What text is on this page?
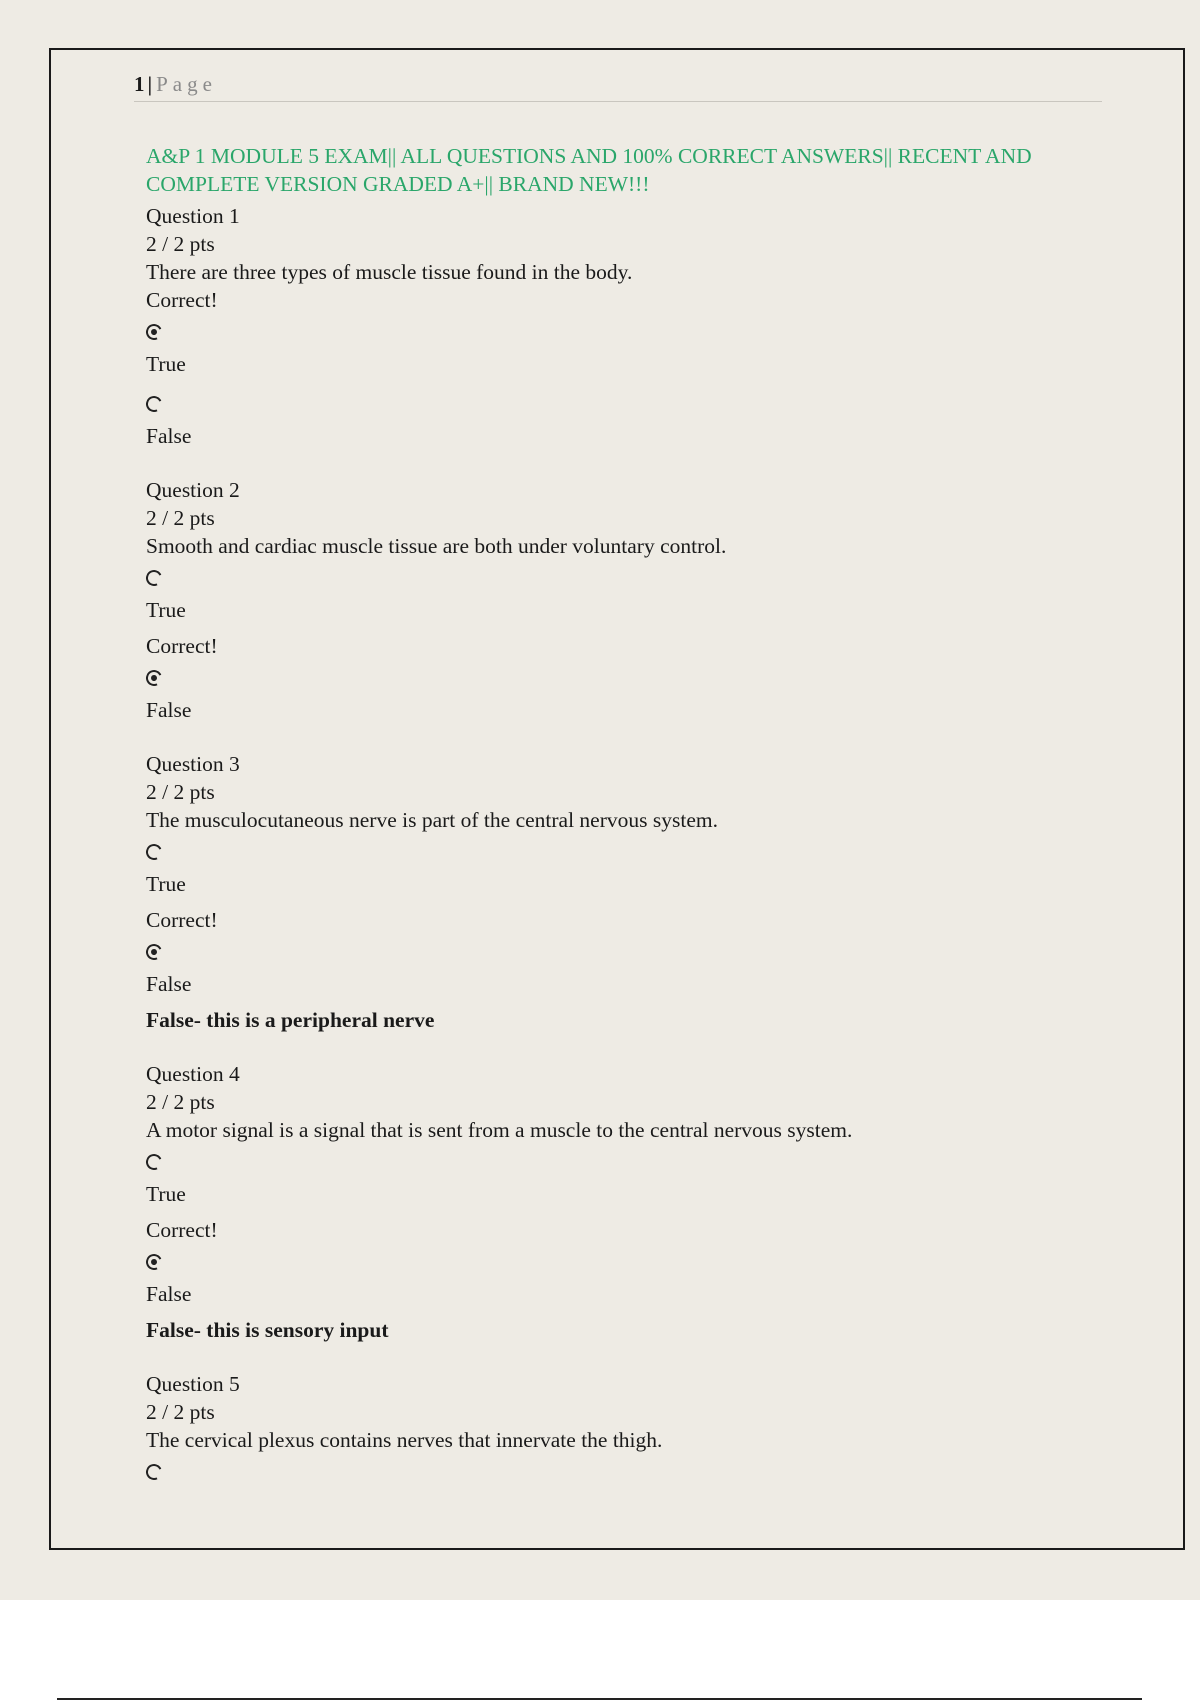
1 | Page
A&P 1 MODULE 5 EXAM|| ALL QUESTIONS AND 100% CORRECT ANSWERS|| RECENT AND COMPLETE VERSION GRADED A+|| BRAND NEW!!!
Question 1
2 / 2 pts
There are three types of muscle tissue found in the body.
Correct!
True
False
Question 2
2 / 2 pts
Smooth and cardiac muscle tissue are both under voluntary control.
True
Correct!
False
Question 3
2 / 2 pts
The musculocutaneous nerve is part of the central nervous system.
True
Correct!
False
False- this is a peripheral nerve
Question 4
2 / 2 pts
A motor signal is a signal that is sent from a muscle to the central nervous system.
True
Correct!
False
False- this is sensory input
Question 5
2 / 2 pts
The cervical plexus contains nerves that innervate the thigh.
